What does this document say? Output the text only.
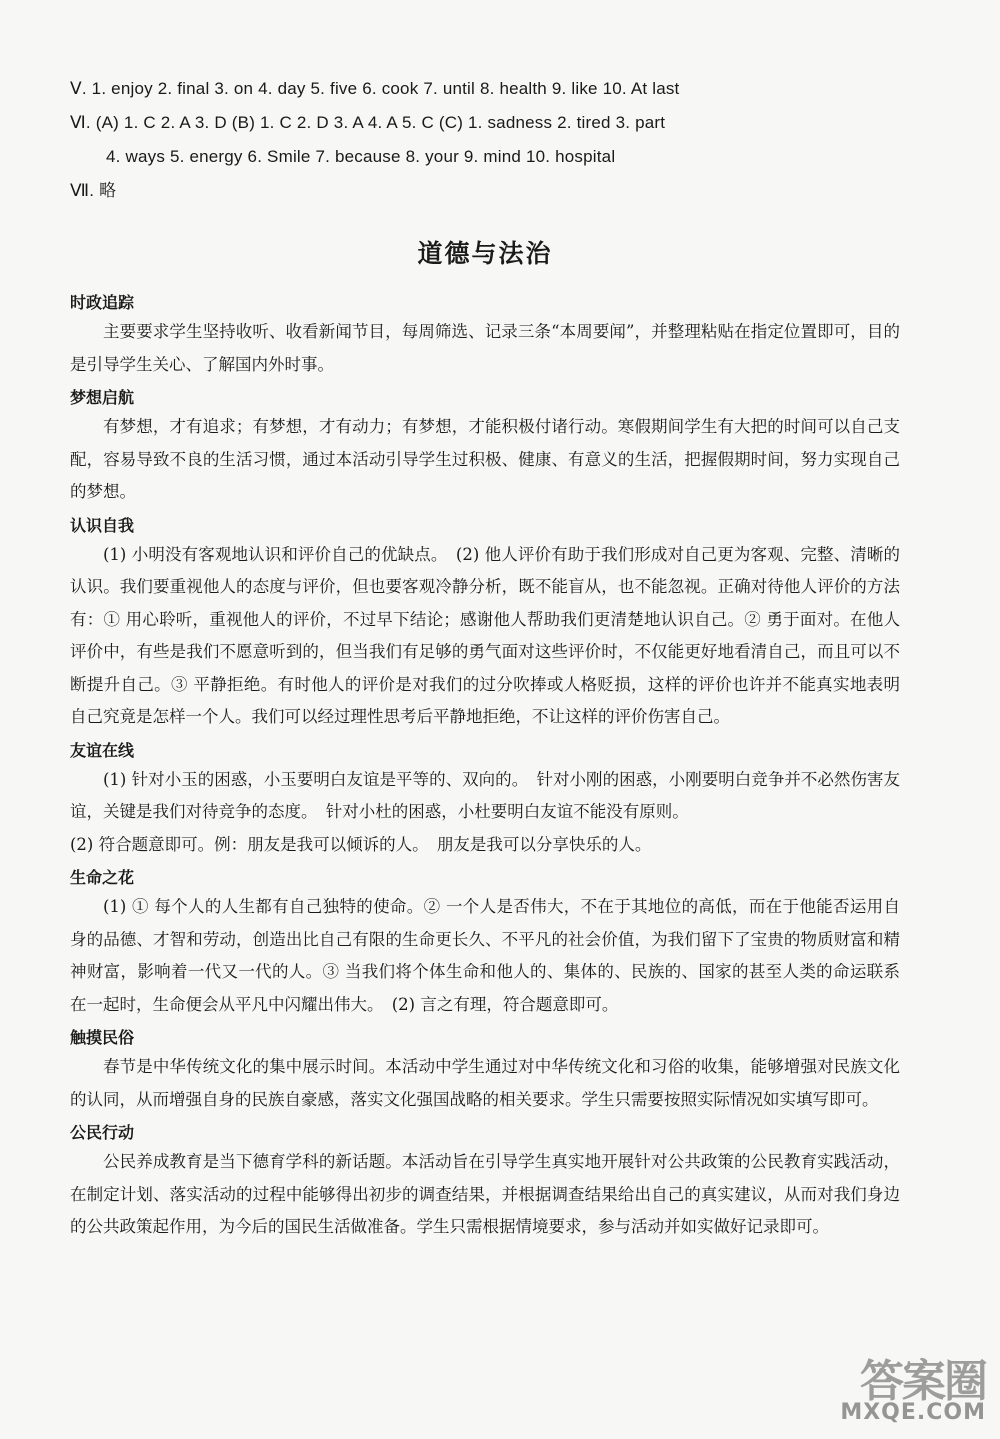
Ⅴ. 1. enjoy 2. final 3. on 4. day 5. five 6. cook 7. until 8. health 9. like 10. At last
Ⅵ. (A) 1. C 2. A 3. D (B) 1. C 2. D 3. A 4. A 5. C (C) 1. sadness 2. tired 3. part
4. ways 5. energy 6. Smile 7. because 8. your 9. mind 10. hospital
Ⅶ. 略
道德与法治
时政追踪

主要要求学生坚持收听、收看新闻节目，每周筛选、记录三条“本周要闻”，并整理粘贴在指定位置即可，目的是引导学生关心、了解国内外时事。

梦想启航

有梦想，才有追求；有梦想，才有动力；有梦想，才能积极付诸行动。寒假期间学生有大把的时间可以自己支配，容易导致不良的生活习惯，通过本活动引导学生过积极、健康、有意义的生活，把握假期时间，努力实现自己的梦想。

认识自我

(1) 小明没有客观地认识和评价自己的优缺点。　(2) 他人评价有助于我们形成对自己更为客观、完整、清晰的认识。我们要重视他人的态度与评价，但也要客观冷静分析，既不能盲从，也不能忽视。正确对待他人评价的方法有：① 用心聆听，重视他人的评价，不过早下结论；感谢他人帮助我们更清楚地认识自己。② 勇于面对。在他人评价中，有些是我们不愿意听到的，但当我们有足够的勇气面对这些评价时，不仅能更好地看清自己，而且可以不断提升自己。③ 平静拒绝。有时他人的评价是对我们的过分吹捧或人格贬损，这样的评价也许并不能真实地表明自己究竟是怎样一个人。我们可以经过理性思考后平静地拒绝，不让这样的评价伤害自己。

友谊在线

(1) 针对小玉的困惑，小玉要明白友谊是平等的、双向的。　针对小刚的困惑，小刚要明白竞争并不必然伤害友谊，关键是我们对待竞争的态度。　针对小杜的困惑，小杜要明白友谊不能没有原则。

(2) 符合题意即可。例：朋友是我可以倾诉的人。　朋友是我可以分享快乐的人。

生命之花

(1) ① 每个人的人生都有自己独特的使命。② 一个人是否伟大，不在于其地位的高低，而在于他能否运用自身的品德、才智和劳动，创造出比自己有限的生命更长久、不平凡的社会价值，为我们留下了宝贵的物质财富和精神财富，影响着一代又一代的人。③ 当我们将个体生命和他人的、集体的、民族的、国家的甚至人类的命运联系在一起时，生命便会从平凡中闪耀出伟大。　(2) 言之有理，符合题意即可。

触摸民俗

春节是中华传统文化的集中展示时间。本活动中学生通过对中华传统文化和习俗的收集，能够增强对民族文化的认同，从而增强自身的民族自豪感，落实文化强国战略的相关要求。学生只需要按照实际情况如实填写即可。

公民行动

公民养成教育是当下德育学科的新话题。本活动旨在引导学生真实地开展针对公共政策的公民教育实践活动，在制定计划、落实活动的过程中能够得出初步的调查结果，并根据调查结果给出自己的真实建议，从而对我们身边的公共政策起作用，为今后的国民生活做准备。学生只需根据情境要求，参与活动并如实做好记录即可。

答案圈
MXQE.COM
